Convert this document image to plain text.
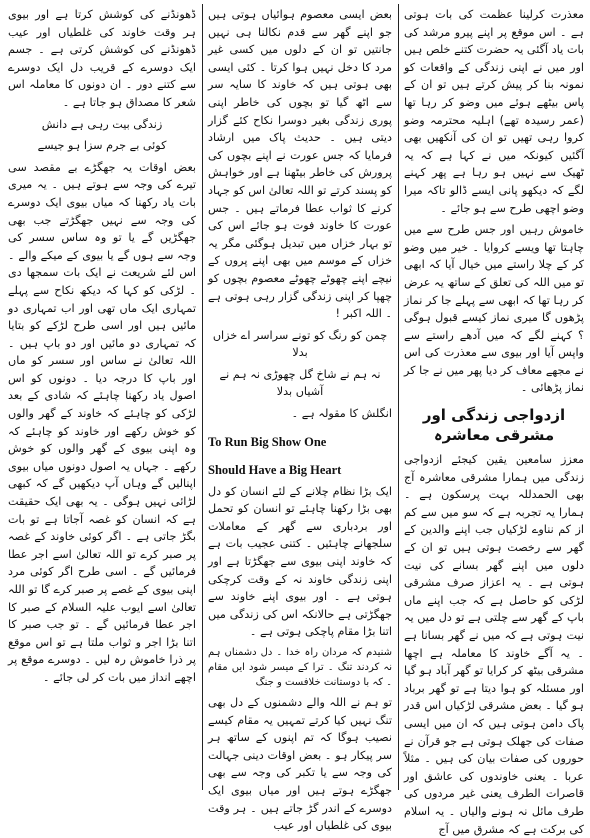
معذرت کرلینا عظمت کی بات ہوتی ہے ۔ اس موقع پر اپنے پیرو مرشد کی بات یاد آگئی یہ حضرت کتنے خلص ہیں اور میں نے اپنی زندگی کے واقعات کو نمونہ بنا کر پیش کرتے ہیں تو ان کے پاس بیٹھے ہوئے میں وضو کر رہا تھا (عمر رسیدہ تھے) اہلیہ محترمہ وضو کروا رہی تھیں تو ان کی آنکھیں بھی آگئیں کیونکہ میں نے کہا ہے کہ یہ ٹھیک سے نہیں ہو رہا ہے پھر کہنے لگے کہ دیکھو پانی ایسے ڈالو تاکہ میرا وضو اچھی طرح سے ہو جائے ۔

خاموش رہیں اور جس طرح سے میں چاہتا تھا ویسے کروایا ۔ خیر میں وضو کر کے چلا راستے میں خیال آیا کہ ابھی تو میں اللہ کی تعلق کے ساتھ یہ عرض کر رہا تھا کہ ابھی سے پہلے جا کر نماز پڑھوں گا میری نماز کیسے قبول ہوگی ؟ کہنے لگے کہ میں آدھے راستے سے واپس آیا اور بیوی سے معذرت کی اس نے مجھے معاف کر دیا پھر میں نے جا کر نماز پڑھائی ۔

ازدواجی زندگی اور مشرقی معاشرہ

معزز سامعین یقین کیجئے ازدواجی زندگی میں ہمارا مشرقی معاشرہ آج بھی الحمدللہ بہت پرسکون ہے ۔ ہمارا یہ تجربہ ہے کہ سو میں سے کم از کم نناوے لڑکیاں جب اپنے والدین کے گھر سے رخصت ہوتی ہیں تو ان کے دلوں میں اپنے گھر بسانے کی نیت ہوتی ہے ۔ یہ اعزاز صرف مشرقی لڑکی کو حاصل ہے کہ جب اپنے ماں باپ کے گھر سے چلتی ہے تو دل میں یہ نیت ہوتی ہے کہ میں نے گھر بسانا ہے ۔ یہ آگے خاوند کا معاملہ ہے اچھا مشرقی بیٹھ کر کرایا تو گھر آباد ہو گیا اور مسئلہ کو ہوا دیتا ہے تو گھر برباد ہو گیا ۔ بعض مشرقی لڑکیاں اس قدر پاک دامن ہوتی ہیں کہ ان میں ایسی صفات کی جھلک ہوتی ہے جو قرآن نے حوروں کی صفات بیان کی ہیں ۔ مثلاً عربا ۔ یعنی خاوندوں کی عاشق اور قاصرات الطرف یعنی غیر مردوں کی طرف مائل نہ ہونے والیاں ۔ یہ اسلام کی برکت ہے کہ مشرق میں آج

بعض ایسی معصوم ہوائیاں ہوتی ہیں جو اپنے گھر سے قدم نکالنا ہی نہیں جانتیں تو ان کے دلوں میں کسی غیر مرد کا دخل نہیں ہوا کرتا ۔ کئی ایسی بھی ہوتی ہیں کہ خاوند کا سایہ سر سے اٹھ گیا تو بچوں کی خاطر اپنی پوری زندگی بغیر دوسرا نکاح کئے گزار دیتی ہیں ۔ حدیث پاک میں ارشاد فرمایا کہ جس عورت نے اپنے بچوں کی پرورش کی خاطر بیٹھنا ہے اور خواہش کو پسند کرتے تو اللہ تعالیٰ اس کو جہاد کرنے کا ثواب عطا فرماتے ہیں ۔ جس عورت کا خاوند فوت ہو جائے اس کی تو بہار خزاں میں تبدیل ہوگئی مگر یہ خزاں کے موسم میں بھی اپنے پروں کے نیچے اپنے چھوٹے چھوٹے معصوم بچوں کو چھپا کر اپنی زندگی گزار رہی ہوتی ہے ۔ اللہ اکبر !

چمن کو رنگ کو تونے سراسر اے خزاں بدلا

نہ ہم نے شاخ گل چھوڑی نہ ہم نے آشیاں بدلا

انگلش کا مقولہ ہے ۔

To Run Big Show One
Should Have a Big Heart

ایک بڑا نظام چلانے کے لئے انسان کو دل بھی بڑا رکھنا چاہئے تو انسان کو تحمل اور بردباری سے گھر کے معاملات سلجھانے چاہئیں ۔ کتنی عجیب بات ہے کہ خاوند اپنی بیوی سے جھگڑتا ہے اور اپنی زندگی خاوند نہ کے وقت کرچکی ہوتی ہے ۔ اور بیوی اپنے خاوند سے جھگڑتی ہے حالانکہ اس کی زندگی میں اتنا بڑا مقام پاچکی ہوتی ہے ۔

شنیدم کہ مردان راہ خدا ۔ دل دشمناں ہم نہ کردند تنگ ۔ ترا کے میسر شود ایں مقام ۔ کہ با دوستانت خلافست و جنگ

تو ہم نے اللہ والے دشمنوں کے دل بھی تنگ نہیں کیا کرتے تمہیں یہ مقام کیسے نصیب ہوگا کہ تم اپنوں کے ساتھ ہر سر پیکار ہو ۔ بعض اوقات دینی جہالت کی وجہ سے یا تکبر کی وجہ سے بھی جھگڑے ہوتے ہیں اور میاں بیوی ایک دوسرے کے اندر گڑ جاتے ہیں ۔ ہر وقت بیوی کی غلطیاں اور عیب

ڈھونڈنے کی کوشش کرتا ہے اور بیوی ہر وقت خاوند کی غلطیاں اور عیب ڈھونڈنے کی کوشش کرتی ہے ۔ جسم ایک دوسرے کے قریب دل ایک دوسرے سے کتنے دور ۔ ان دونوں کا معاملہ اس شعر کا مصداق ہو جاتا ہے ۔

زندگی بیت رہی ہے دانش

کوئی بے جرم سزا ہو جیسے

بعض اوقات یہ جھگڑے بے مقصد سی تیرے کی وجہ سے ہوتے ہیں ۔ یہ میری بات یاد رکھنا کہ میاں بیوی ایک دوسرے کی وجہ سے نہیں جھگڑتے جب بھی جھگڑیں گے یا تو وہ ساس سسر کی وجہ سے ہوں گے یا بیوی کے میکے والے ۔ اس لئے شریعت نے ایک بات سمجھا دی ۔ لڑکی کو کہا کہ دیکھ نکاح سے پہلے تمہاری ایک ماں تھی اور اب تمہاری دو مائیں ہیں اور اسی طرح لڑکے کو بتایا کہ تمہاری دو مائیں اور دو باپ ہیں ۔ اللہ تعالیٰ نے ساس اور سسر کو ماں اور باپ کا درجہ دیا ۔ دونوں کو اس اصول یاد رکھنا چاہئے کہ شادی کے بعد لڑکی کو چاہئے کہ خاوند کے گھر والوں کو خوش رکھے اور خاوند کو چاہئے کہ وہ اپنی بیوی کے گھر والوں کو خوش رکھے ۔ جہاں یہ اصول دونوں میاں بیوی اپنالیں گے وہاں آپ دیکھیں گے کہ کبھی لڑائی نہیں ہوگی ۔ یہ بھی ایک حقیقت ہے کہ انسان کو غصہ آجاتا ہے تو بات بگڑ جاتی ہے ۔ اگر کوئی خاوند کے غصہ پر صبر کرے تو اللہ تعالیٰ اسے اجر عطا فرمائیں گے ۔ اسی طرح اگر کوئی مرد اپنی بیوی کے غصے پر صبر کرے گا تو اللہ تعالیٰ اسے ایوب علیہ السلام کے صبر کا اجر عطا فرمائیں گے ۔ تو جب صبر کا اتنا بڑا اجر و ثواب ملتا ہے تو اس موقع پر ذرا خاموش رہ لیں ۔ دوسرے موقع پر اچھے انداز میں بات کر لی جائے ۔
